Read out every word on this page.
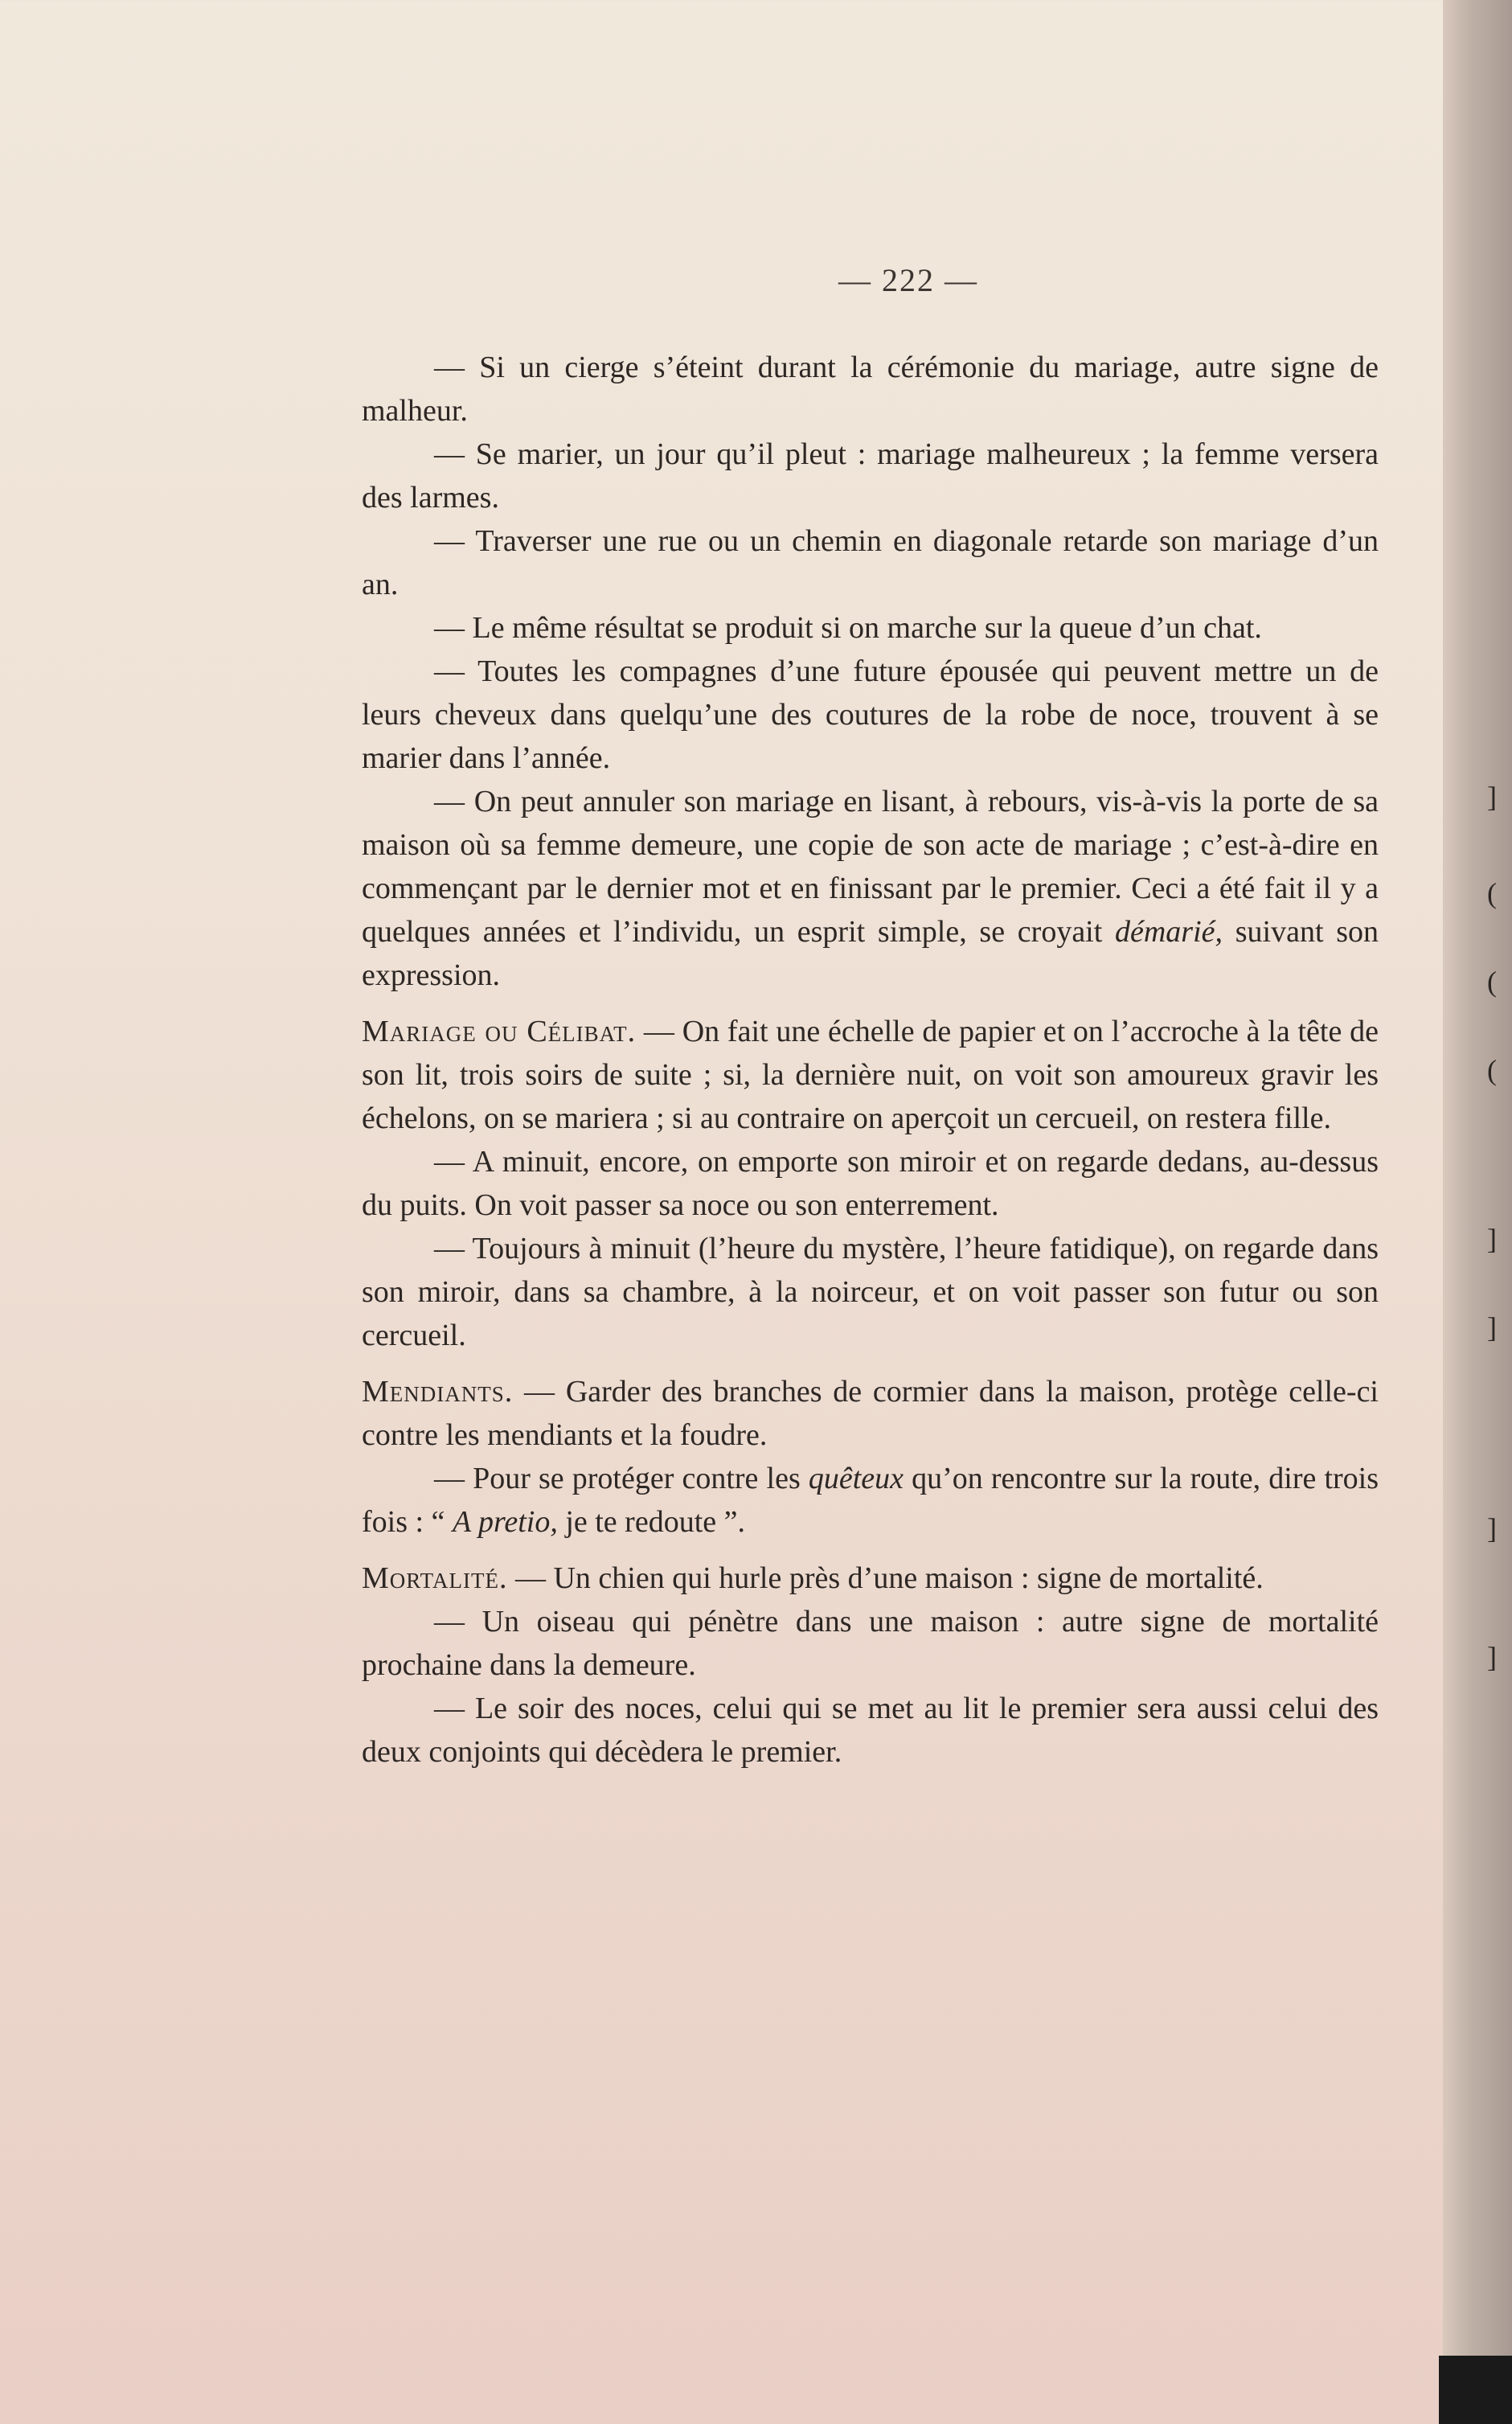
— 222 —

— Si un cierge s’éteint durant la cérémonie du mariage, autre signe de malheur.

— Se marier, un jour qu’il pleut : mariage malheureux ; la femme versera des larmes.

— Traverser une rue ou un chemin en diagonale retarde son mariage d’un an.

— Le même résultat se produit si on marche sur la queue d’un chat.

— Toutes les compagnes d’une future épousée qui peuvent mettre un de leurs cheveux dans quelqu’une des coutures de la robe de noce, trouvent à se marier dans l’année.

— On peut annuler son mariage en lisant, à rebours, vis-à-vis la porte de sa maison où sa femme demeure, une copie de son acte de mariage ; c’est-à-dire en commençant par le dernier mot et en finissant par le premier. Ceci a été fait il y a quelques années et l’individu, un esprit simple, se croyait démarié, suivant son expression.

Mariage ou Célibat. — On fait une échelle de papier et on l’accroche à la tête de son lit, trois soirs de suite ; si, la dernière nuit, on voit son amoureux gravir les échelons, on se mariera ; si au contraire on aperçoit un cercueil, on restera fille.

— A minuit, encore, on emporte son miroir et on regarde dedans, au-dessus du puits. On voit passer sa noce ou son enterrement.

— Toujours à minuit (l’heure du mystère, l’heure fatidique), on regarde dans son miroir, dans sa chambre, à la noirceur, et on voit passer son futur ou son cercueil.

Mendiants. — Garder des branches de cormier dans la maison, protège celle-ci contre les mendiants et la foudre.

— Pour se protéger contre les quêteux qu’on rencontre sur la route, dire trois fois : “ A pretio, je te redoute ”.

Mortalité. — Un chien qui hurle près d’une maison : signe de mortalité.

— Un oiseau qui pénètre dans une maison : autre signe de mortalité prochaine dans la demeure.

— Le soir des noces, celui qui se met au lit le premier sera aussi celui des deux conjoints qui décèdera le premier.

]
(
(
(
]
]
]
]
